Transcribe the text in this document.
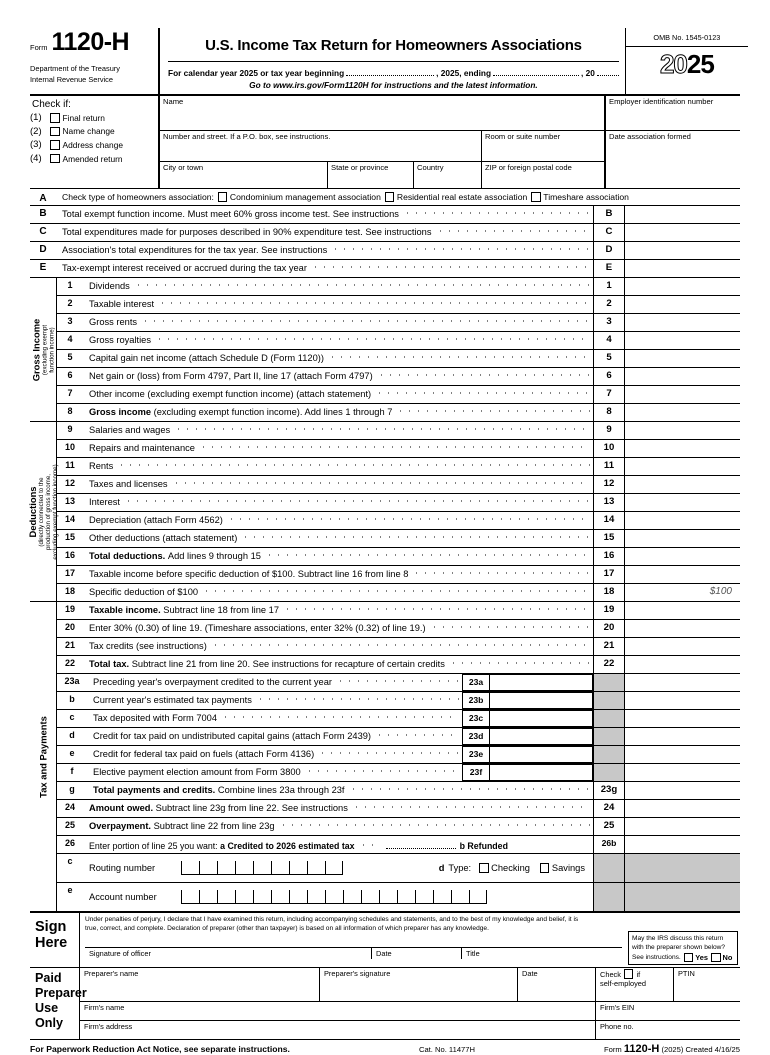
Form 1120-H
Department of the Treasury
Internal Revenue Service
U.S. Income Tax Return for Homeowners Associations
For calendar year 2025 or tax year beginning	, 2025, ending	, 20
Go to www.irs.gov/Form1120H for instructions and the latest information.
OMB No. 1545-0123
2025
Check if:
(1)	Final return
(2)	Name change
(3)	Address change
(4)	Amended return
Name
Number and street. If a P.O. box, see instructions.	Room or suite number
City or town	State or province	Country	ZIP or foreign postal code
Employer identification number
Date association formed
A	Check type of homeowners association: Condominium management association Residential real estate association Timeshare association
B	Total exempt function income. Must meet 60% gross income test. See instructions	B
C	Total expenditures made for purposes described in 90% expenditure test. See instructions	C
D	Association's total expenditures for the tax year. See instructions	D
E	Tax-exempt interest received or accrued during the tax year	E
Gross Income (excluding exempt function income)
1	Dividends	1
2	Taxable interest	2
3	Gross rents	3
4	Gross royalties	4
5	Capital gain net income (attach Schedule D (Form 1120))	5
6	Net gain or (loss) from Form 4797, Part II, line 17 (attach Form 4797)	6
7	Other income (excluding exempt function income) (attach statement)	7
8	Gross income
(excluding exempt function income). Add lines 1 through 7	8
Deductions (directly connected to the production of gross income, excluding exempt function income)
9	Salaries and wages	9
10	Repairs and maintenance	10
11	Rents	11
12	Taxes and licenses	12
13	Interest	13
14	Depreciation (attach Form 4562)	14
15	Other deductions (attach statement)	15
16	Total deductions.
Add lines 9 through 15	16
17	Taxable income before specific deduction of $100. Subtract line 16 from line 8	17
18	Specific deduction of $100	18	$100
Tax and Payments
19	Taxable income.
Subtract line 18 from line 17	19
20	Enter 30% (0.30) of line 19. (Timeshare associations, enter 32% (0.32) of line 19.)	20
21	Tax credits (see instructions)	21
22	Total tax.
Subtract line 21 from line 20. See instructions for recapture of certain credits	22
23a	Preceding year's overpayment credited to the current year	23a
b	Current year's estimated tax payments	23b
c	Tax deposited with Form 7004	23c
d	Credit for tax paid on undistributed capital gains (attach Form 2439)	23d
e	Credit for federal tax paid on fuels (attach Form 4136)	23e
f	Elective payment election amount from Form 3800	23f
g	Total payments and credits.
Combine lines 23a through 23f	23g
24	Amount owed.
Subtract line 23g from line 22. See instructions	24
25	Overpayment.
Subtract line 22 from line 23g	25
26	Enter portion of line 25 you want:
a
Credited to 2026 estimated tax	b
Refunded	26b
c
Routing number	d Type: Checking Savings
e
Account number
Sign
Here
Under penalties of perjury, I declare that I have examined this return, including accompanying schedules and statements, and to the best of my knowledge and belief, it is
true, correct, and complete. Declaration of preparer (other than taxpayer) is based on all information of which preparer has any knowledge.
Signature of officer	Date	Title
May the IRS discuss this return
with the preparer shown below?
See instructions. Yes No
Paid
Preparer
Use Only
Preparer's name	Preparer's signature	Date	Check if
self-employed
PTIN
Firm's name	Firm's EIN
Firm's address	Phone no.
For Paperwork Reduction Act Notice, see separate instructions.	Cat. No. 11477H	Form 1120-H (2025) Created 4/16/25
